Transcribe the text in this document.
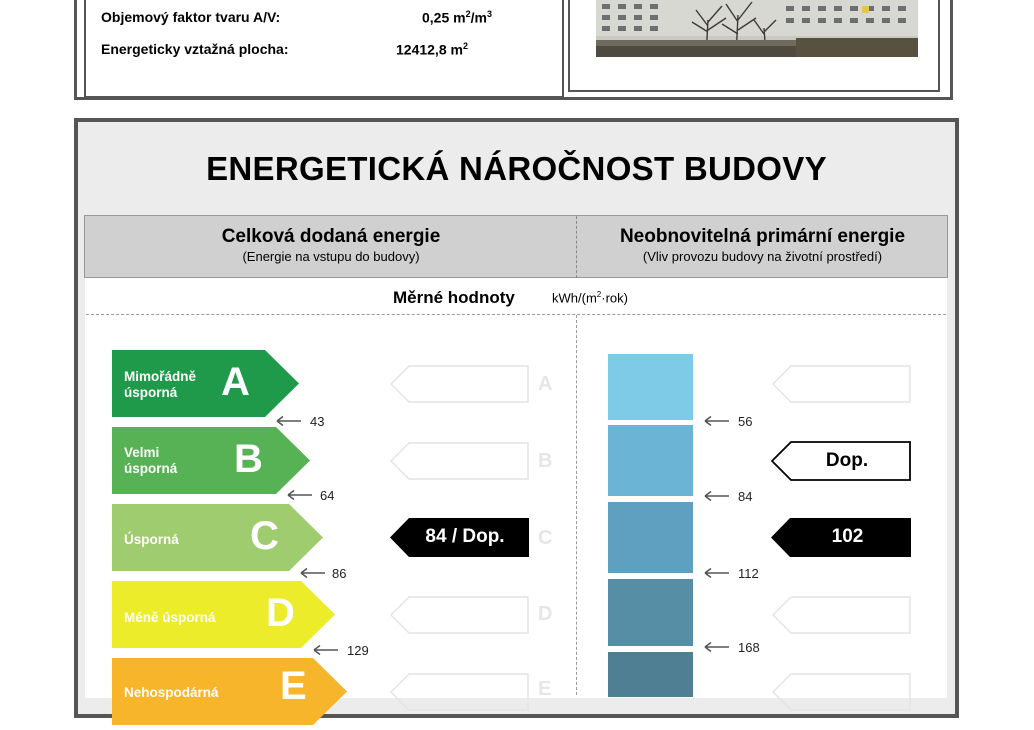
Objemový faktor tvaru A/V:	0,25 $m^2/m^3$
Energeticky vztažná plocha:	12412,8 $m^2$
ENERGETICKÁ NÁROČNOST BUDOVY
Celková dodaná energie
(Energie na vstupu do budovy)
Neobnovitelná primární energie
(Vliv provozu budovy na životní prostředí)
Měrné hodnoty	kWh/$(m^2\cdot rok)$
Mimořádně
úsporná	A
Velmi
úsporná B
Úsporná C
Méně úsporná D
Nehospodárná E
43
64
86
129
A
B
C
D
E
84 / Dop.
56
84
112
168
Dop.
102
